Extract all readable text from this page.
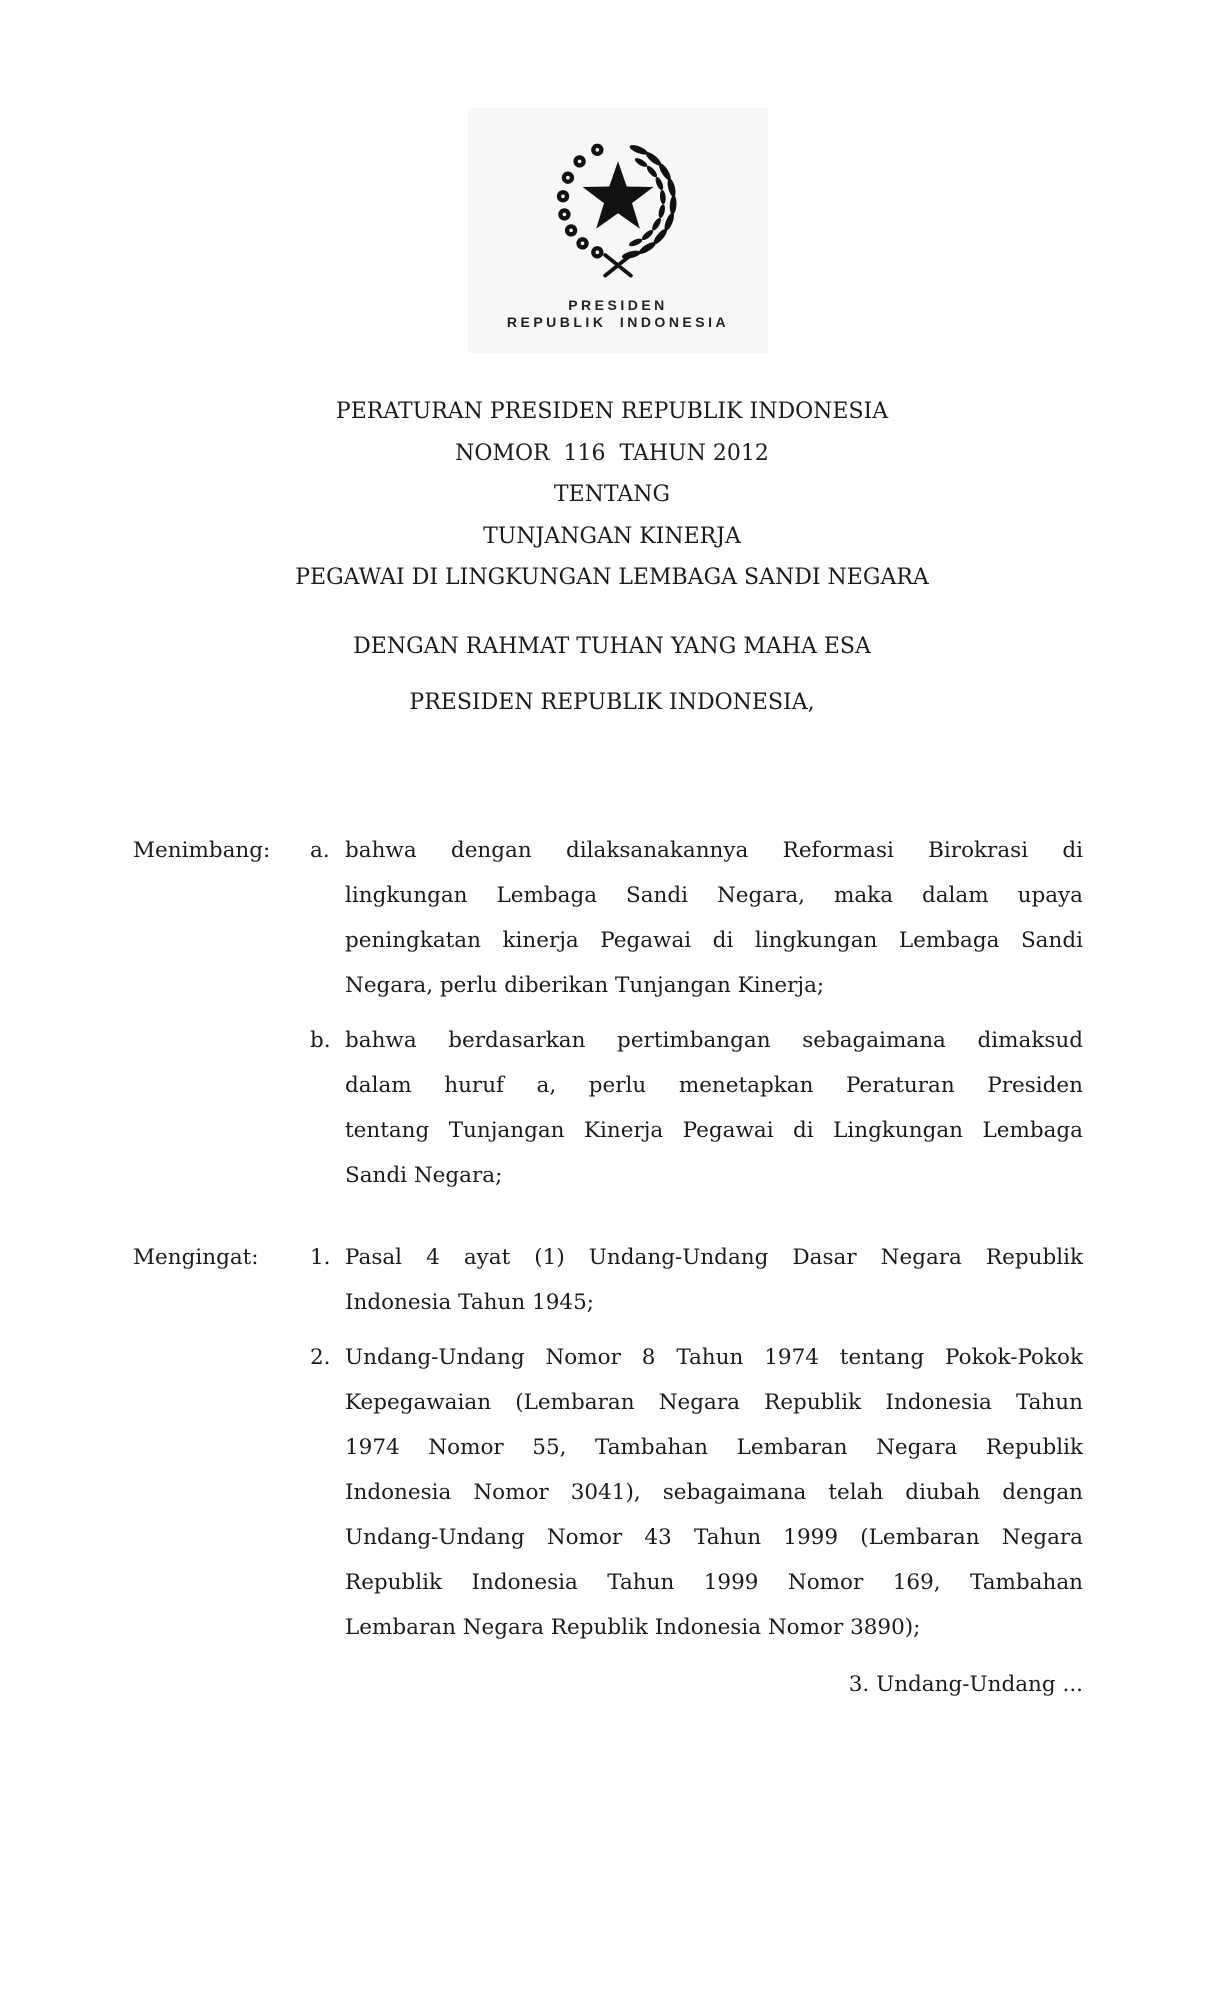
PRESIDEN
REPUBLIK INDONESIA
PERATURAN PRESIDEN REPUBLIK INDONESIA
NOMOR  116  TAHUN 2012
TENTANG
TUNJANGAN KINERJA
PEGAWAI DI LINGKUNGAN LEMBAGA SANDI NEGARA
DENGAN RAHMAT TUHAN YANG MAHA ESA
PRESIDEN REPUBLIK INDONESIA,
Menimbang: a. bahwa dengan dilaksanakannya Reformasi Birokrasi di
lingkungan Lembaga Sandi Negara, maka dalam upaya
peningkatan kinerja Pegawai di lingkungan Lembaga Sandi
Negara, perlu diberikan Tunjangan Kinerja;
b. bahwa berdasarkan pertimbangan sebagaimana dimaksud
dalam huruf a, perlu menetapkan Peraturan Presiden
tentang Tunjangan Kinerja Pegawai di Lingkungan Lembaga
Sandi Negara;
Mengingat: 1. Pasal 4 ayat (1) Undang-Undang Dasar Negara Republik
Indonesia Tahun 1945;
2. Undang-Undang Nomor 8 Tahun 1974 tentang Pokok-Pokok
Kepegawaian (Lembaran Negara Republik Indonesia Tahun
1974 Nomor 55, Tambahan Lembaran Negara Republik
Indonesia Nomor 3041), sebagaimana telah diubah dengan
Undang-Undang Nomor 43 Tahun 1999 (Lembaran Negara
Republik Indonesia Tahun 1999 Nomor 169, Tambahan
Lembaran Negara Republik Indonesia Nomor 3890);
3. Undang-Undang ...
